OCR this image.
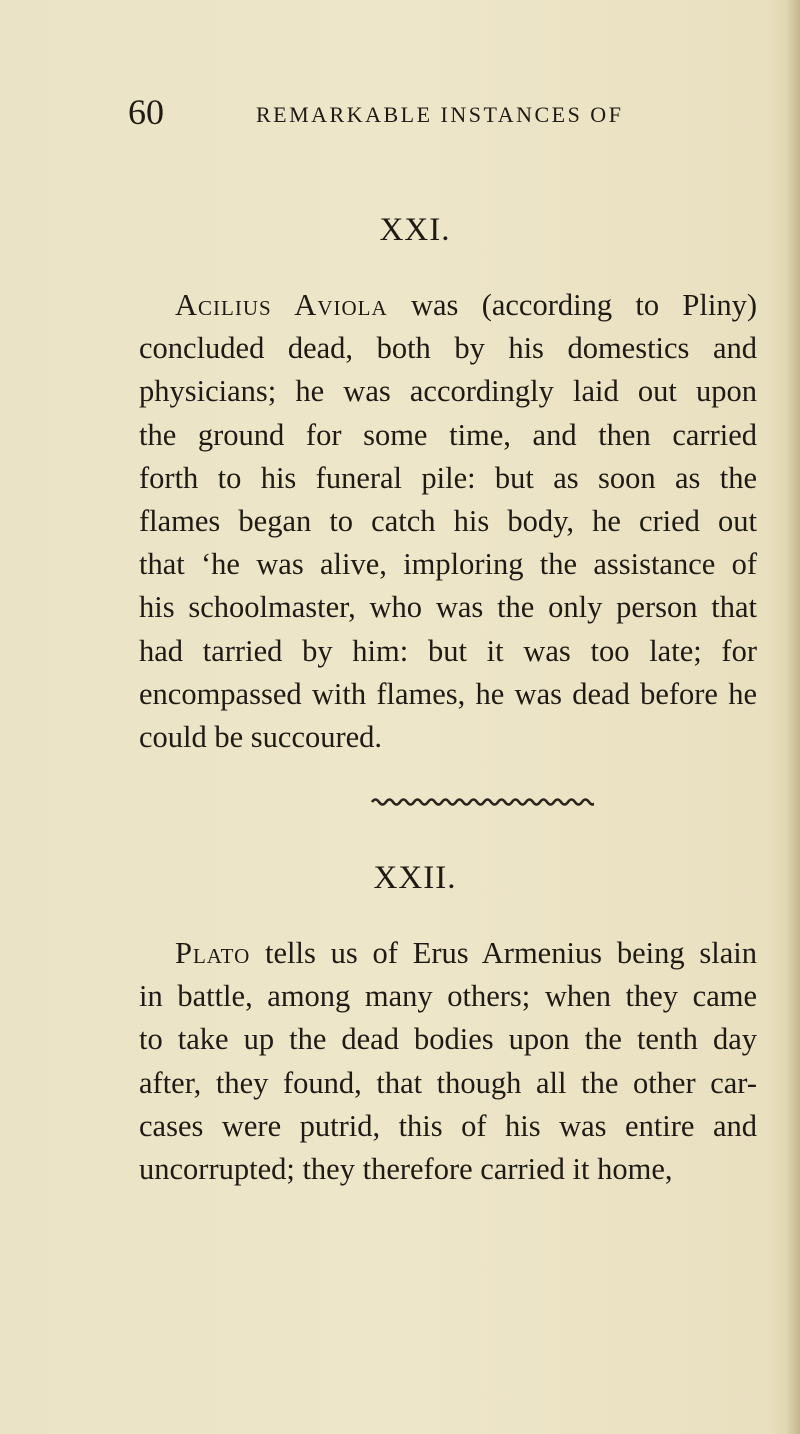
60	REMARKABLE INSTANCES OF
XXI.
Acilius Aviola was (according to Pliny)
concluded dead, both by his domestics and
physicians; he was accordingly laid out upon
the ground for some time, and then carried
forth to his funeral pile: but as soon as the
flames began to catch his body, he cried out
that ‘he was alive, imploring the assistance of
his schoolmaster, who was the only person that
had tarried by him: but it was too late; for
encompassed with flames, he was dead before he
could be succoured.
XXII.
Plato tells us of Erus Armenius being slain
in battle, among many others; when they came
to take up the dead bodies upon the tenth day
after, they found, that though all the other car-
cases were putrid, this of his was entire and
uncorrupted; they therefore carried it home,
